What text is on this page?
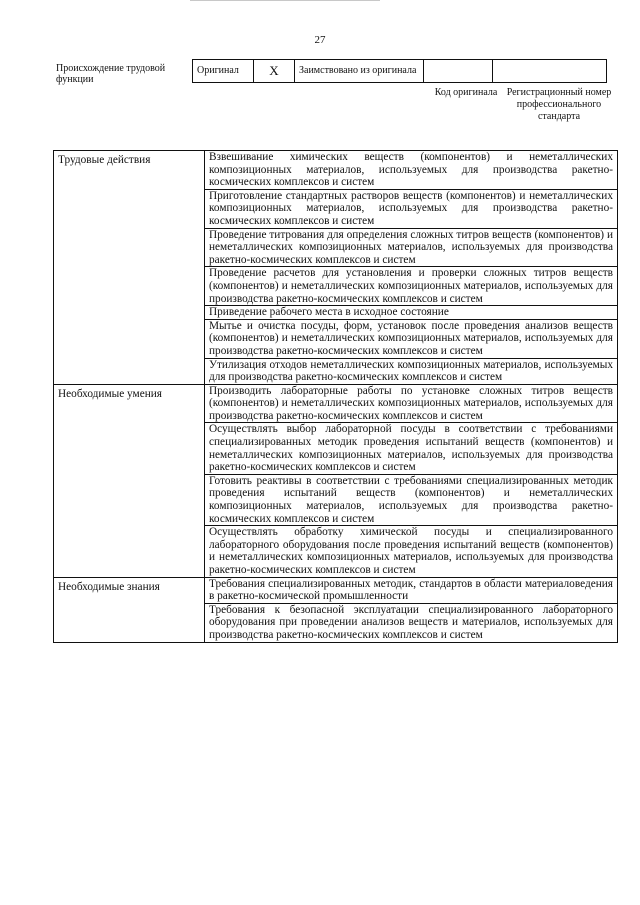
27
Происхождение трудовой функции
Оригинал	X	Заимствовано из оригинала		
Код оригинала Регистрационный номер профессионального стандарта
Трудовые действия	Взвешивание химических веществ (компонентов) и неметаллических композиционных материалов, используемых для производства ракетно-космических комплексов и систем
	Приготовление стандартных растворов веществ (компонентов) и неметаллических композиционных материалов, используемых для производства ракетно-космических комплексов и систем
	Проведение титрования для определения сложных титров веществ (компонентов) и неметаллических композиционных материалов, используемых для производства ракетно-космических комплексов и систем
	Проведение расчетов для установления и проверки сложных титров веществ (компонентов) и неметаллических композиционных материалов, используемых для производства ракетно-космических комплексов и систем
	Приведение рабочего места в исходное состояние
	Мытье и очистка посуды, форм, установок после проведения анализов веществ (компонентов) и неметаллических композиционных материалов, используемых для производства ракетно-космических комплексов и систем
	Утилизация отходов неметаллических композиционных материалов, используемых для производства ракетно-космических комплексов и систем
Необходимые умения	Производить лабораторные работы по установке сложных титров веществ (компонентов) и неметаллических композиционных материалов, используемых для производства ракетно-космических комплексов и систем
	Осуществлять выбор лабораторной посуды в соответствии с требованиями специализированных методик проведения испытаний веществ (компонентов) и неметаллических композиционных материалов, используемых для производства ракетно-космических комплексов и систем
	Готовить реактивы в соответствии с требованиями специализированных методик проведения испытаний веществ (компонентов) и неметаллических композиционных материалов, используемых для производства ракетно-космических комплексов и систем
	Осуществлять обработку химической посуды и специализированного лабораторного оборудования после проведения испытаний веществ (компонентов) и неметаллических композиционных материалов, используемых для производства ракетно-космических комплексов и систем
Необходимые знания	Требования специализированных методик, стандартов в области материаловедения в ракетно-космической промышленности
	Требования к безопасной эксплуатации специализированного лабораторного оборудования при проведении анализов веществ и материалов, используемых для производства ракетно-космических комплексов и систем
